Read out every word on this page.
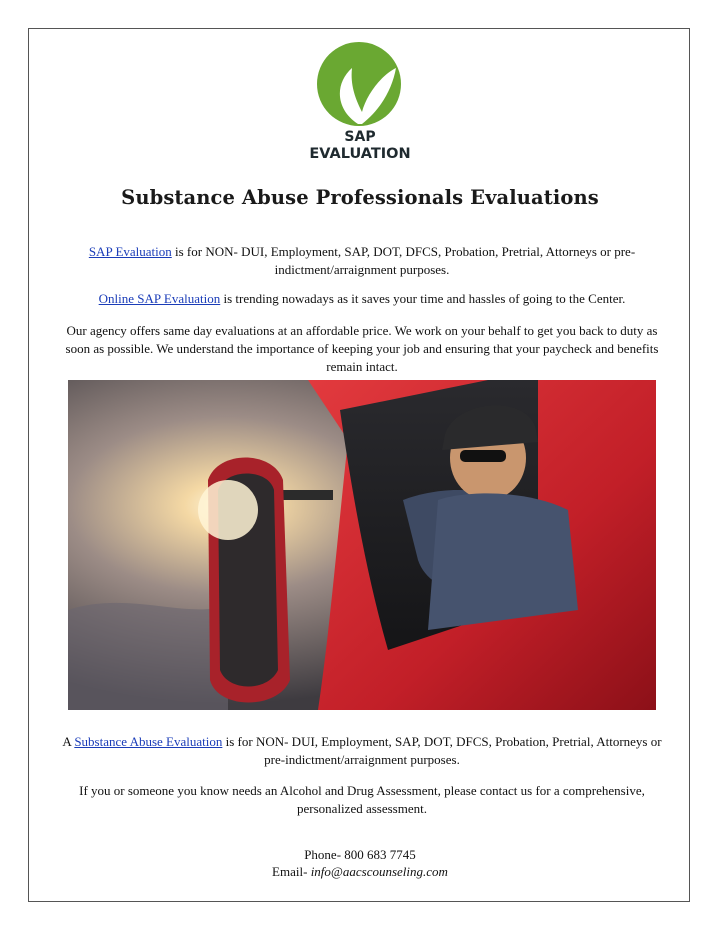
SAP
EVALUATION
Substance Abuse Professionals Evaluations

SAP Evaluation is for NON- DUI, Employment, SAP, DOT, DFCS, Probation, Pretrial, Attorneys or pre-indictment/arraignment purposes.

Online SAP Evaluation is trending nowadays as it saves your time and hassles of going to the Center.

Our agency offers same day evaluations at an affordable price. We work on your behalf to get you back to duty as soon as possible. We understand the importance of keeping your job and ensuring that your paycheck and benefits remain intact.

A Substance Abuse Evaluation is for NON- DUI, Employment, SAP, DOT, DFCS, Probation, Pretrial, Attorneys or pre-indictment/arraignment purposes.

If you or someone you know needs an Alcohol and Drug Assessment, please contact us for a comprehensive, personalized assessment.

Phone- 800 683 7745
Email- info@aacscounseling.com
